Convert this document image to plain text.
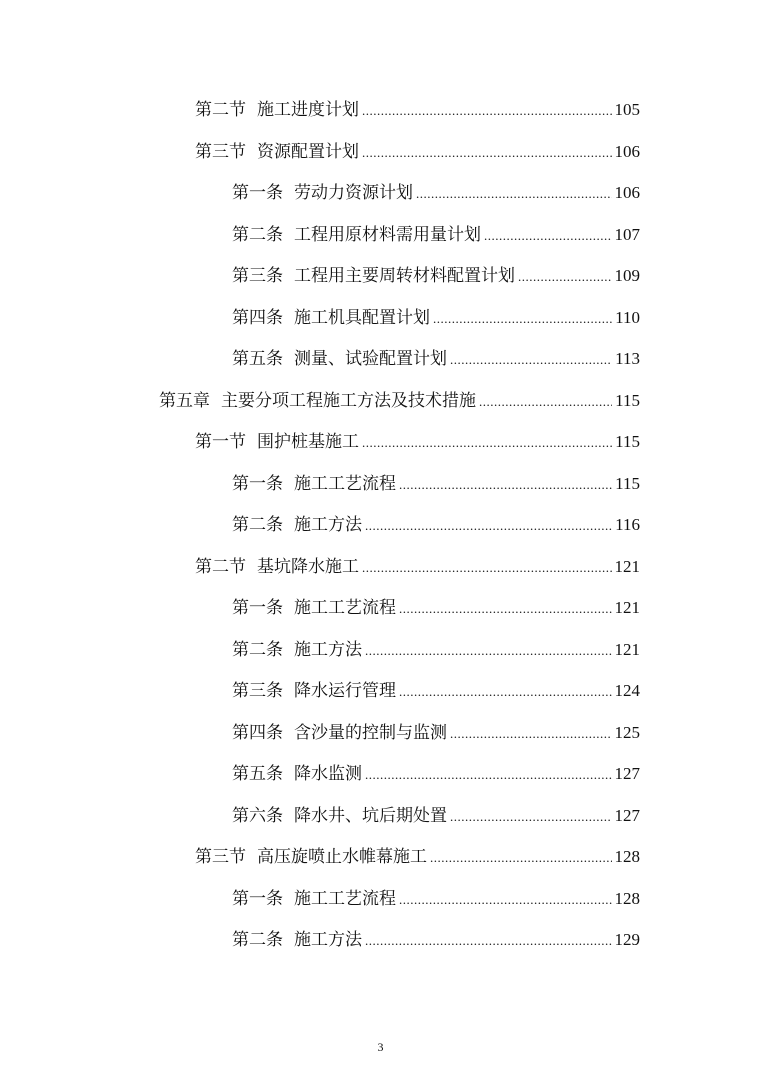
第二节 施工进度计划 .....	105
第三节 资源配置计划 .....	106
第一条 劳动力资源计划 .....	106
第二条 工程用原材料需用量计划 .....	107
第三条 工程用主要周转材料配置计划 .....	109
第四条 施工机具配置计划 .....	110
第五条 测量、试验配置计划 .....	113
第五章 主要分项工程施工方法及技术措施 .....	115
第一节 围护桩基施工 .....	115
第一条 施工工艺流程 .....	115
第二条 施工方法 .....	116
第二节 基坑降水施工 .....	121
第一条 施工工艺流程 .....	121
第二条 施工方法 .....	121
第三条 降水运行管理 .....	124
第四条 含沙量的控制与监测 .....	125
第五条 降水监测 .....	127
第六条 降水井、坑后期处置 .....	127
第三节 高压旋喷止水帷幕施工 .....	128
第一条 施工工艺流程 .....	128
第二条 施工方法 .....	129
3
